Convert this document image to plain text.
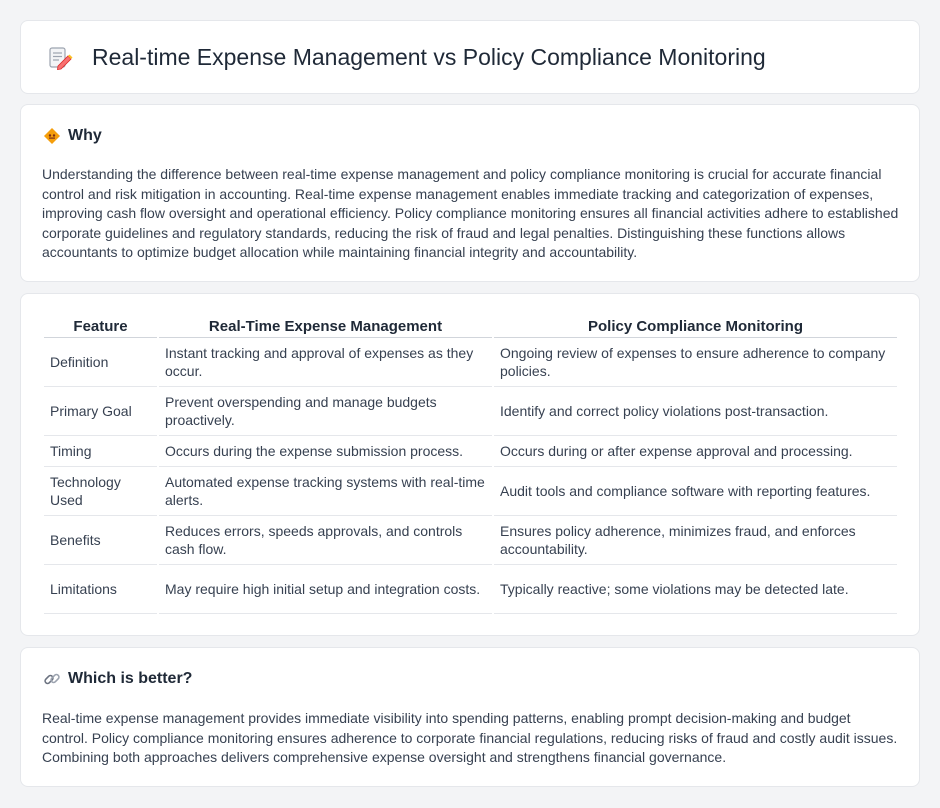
Real-time Expense Management vs Policy Compliance Monitoring
Why

Understanding the difference between real-time expense management and policy compliance monitoring is crucial for accurate financial control and risk mitigation in accounting. Real-time expense management enables immediate tracking and categorization of expenses, improving cash flow oversight and operational efficiency. Policy compliance monitoring ensures all financial activities adhere to established corporate guidelines and regulatory standards, reducing the risk of fraud and legal penalties. Distinguishing these functions allows accountants to optimize budget allocation while maintaining financial integrity and accountability.

Feature	Real-Time Expense Management	Policy Compliance Monitoring
Definition	Instant tracking and approval of expenses as they occur.	Ongoing review of expenses to ensure adherence to company policies.
Primary Goal	Prevent overspending and manage budgets proactively.	Identify and correct policy violations post-transaction.
Timing	Occurs during the expense submission process.	Occurs during or after expense approval and processing.
Technology Used	Automated expense tracking systems with real-time alerts.	Audit tools and compliance software with reporting features.
Benefits	Reduces errors, speeds approvals, and controls cash flow.	Ensures policy adherence, minimizes fraud, and enforces accountability.
Limitations	May require high initial setup and integration costs.	Typically reactive; some violations may be detected late.
Which is better?

Real-time expense management provides immediate visibility into spending patterns, enabling prompt decision-making and budget control. Policy compliance monitoring ensures adherence to corporate financial regulations, reducing risks of fraud and costly audit issues. Combining both approaches delivers comprehensive expense oversight and strengthens financial governance.
